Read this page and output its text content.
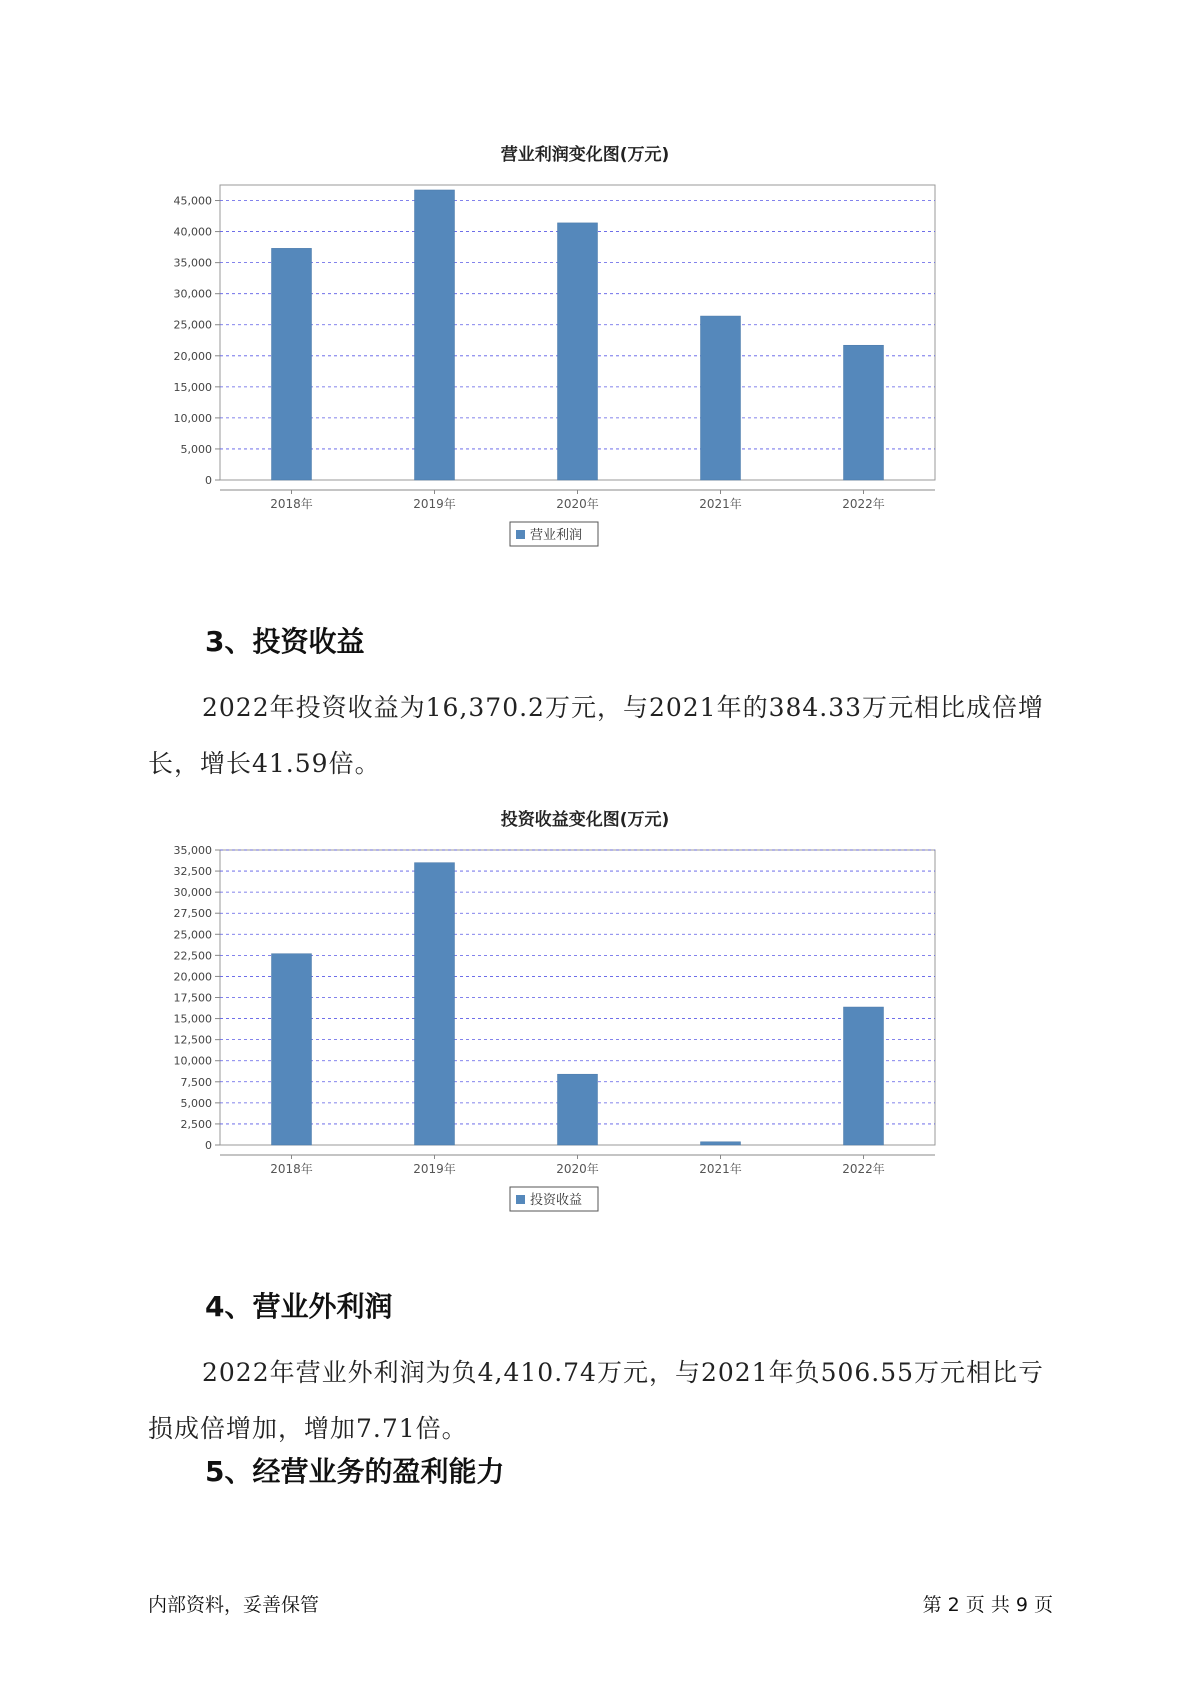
营业利润变化图(万元)
0
5,000
10,000
15,000
20,000
25,000
30,000
35,000
40,000
45,000
2018年	2019年	2020年	2021年	2022年
营业利润
3、投资收益
2022年投资收益为16,370.2万元，与2021年的384.33万元相比成倍增长，增长41.59倍。
投资收益变化图(万元)
0
2,500
5,000
7,500
10,000
12,500
15,000
17,500
20,000
22,500
25,000
27,500
30,000
32,500
35,000
2018年	2019年	2020年	2021年	2022年
投资收益
4、营业外利润
2022年营业外利润为负4,410.74万元，与2021年负506.55万元相比亏损成倍增加，增加7.71倍。
5、经营业务的盈利能力
内部资料，妥善保管	第 2 页 共 9 页
